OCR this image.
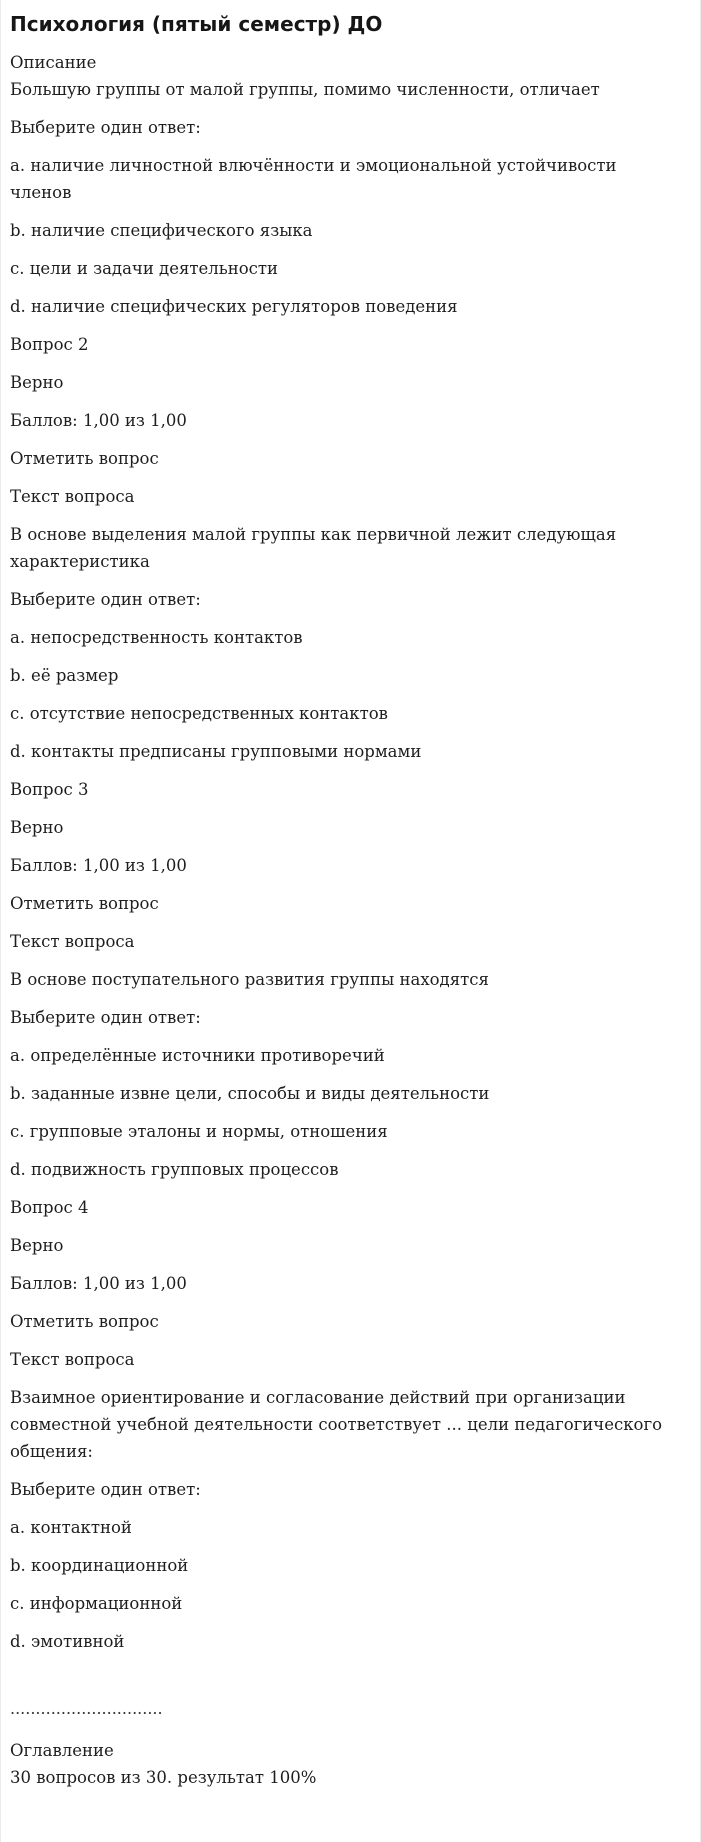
Психология (пятый семестр) ДО

Описание

Большую группы от малой группы, помимо численности, отличает

Выберите один ответ:

a. наличие личностной влючённости и эмоциональной устойчивости членов

b. наличие специфического языка

c. цели и задачи деятельности

d. наличие специфических регуляторов поведения

Вопрос 2

Верно

Баллов: 1,00 из 1,00

Отметить вопрос

Текст вопроса

В основе выделения малой группы как первичной лежит следующая характеристика

Выберите один ответ:

a. непосредственность контактов

b. её размер

c. отсутствие непосредственных контактов

d. контакты предписаны групповыми нормами

Вопрос 3

Верно

Баллов: 1,00 из 1,00

Отметить вопрос

Текст вопроса

В основе поступательного развития группы находятся

Выберите один ответ:

a. определённые источники противоречий

b. заданные извне цели, способы и виды деятельности

c. групповые эталоны и нормы, отношения

d. подвижность групповых процессов

Вопрос 4

Верно

Баллов: 1,00 из 1,00

Отметить вопрос

Текст вопроса

Взаимное ориентирование и согласование действий при организации совместной учебной деятельности соответствует ... цели педагогического общения:

Выберите один ответ:

a. контактной

b. координационной

c. информационной

d. эмотивной

..............................

Оглавление

30 вопросов из 30. результат 100%
